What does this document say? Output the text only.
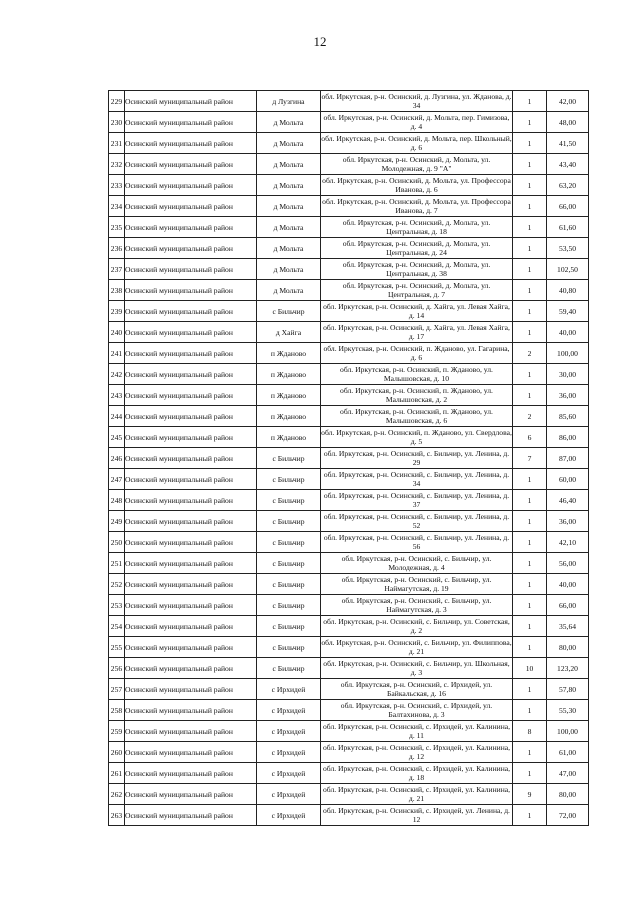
12
229	Осинский муниципальный район	д Лузгина	обл. Иркутская, р-н. Осинский, д. Лузгина, ул. Жданова, д. 34	1	42,00
230	Осинский муниципальный район	д Мольта	обл. Иркутская, р-н. Осинский, д. Мольта, пер. Гимизова, д. 4	1	48,00
231	Осинский муниципальный район	д Мольта	обл. Иркутская, р-н. Осинский, д. Мольта, пер. Школьный, д. 6	1	41,50
232	Осинский муниципальный район	д Мольта	обл. Иркутская, р-н. Осинский, д. Мольта, ул. Молодежная, д. 9 "А"	1	43,40
233	Осинский муниципальный район	д Мольта	обл. Иркутская, р-н. Осинский, д. Мольта, ул. Профессора Иванова, д. 6	1	63,20
234	Осинский муниципальный район	д Мольта	обл. Иркутская, р-н. Осинский, д. Мольта, ул. Профессора Иванова, д. 7	1	66,00
235	Осинский муниципальный район	д Мольта	обл. Иркутская, р-н. Осинский, д. Мольта, ул. Центральная, д. 18	1	61,60
236	Осинский муниципальный район	д Мольта	обл. Иркутская, р-н. Осинский, д. Мольта, ул. Центральная, д. 24	1	53,50
237	Осинский муниципальный район	д Мольта	обл. Иркутская, р-н. Осинский, д. Мольта, ул. Центральная, д. 38	1	102,50
238	Осинский муниципальный район	д Мольта	обл. Иркутская, р-н. Осинский, д. Мольта, ул. Центральная, д. 7	1	40,80
239	Осинский муниципальный район	с Бильчир	обл. Иркутская, р-н. Осинский, д. Хайга, ул. Левая Хайга, д. 14	1	59,40
240	Осинский муниципальный район	д Хайга	обл. Иркутская, р-н. Осинский, д. Хайга, ул. Левая Хайга, д. 17	1	40,00
241	Осинский муниципальный район	п Жданово	обл. Иркутская, р-н. Осинский, п. Жданово, ул. Гагарина, д. 6	2	100,00
242	Осинский муниципальный район	п Жданово	обл. Иркутская, р-н. Осинский, п. Жданово, ул. Малышовская, д. 10	1	30,00
243	Осинский муниципальный район	п Жданово	обл. Иркутская, р-н. Осинский, п. Жданово, ул. Малышовская, д. 2	1	36,00
244	Осинский муниципальный район	п Жданово	обл. Иркутская, р-н. Осинский, п. Жданово, ул. Малышовская, д. 6	2	85,60
245	Осинский муниципальный район	п Жданово	обл. Иркутская, р-н. Осинский, п. Жданово, ул. Свердлова, д. 5	6	86,00
246	Осинский муниципальный район	с Бильчир	обл. Иркутская, р-н. Осинский, с. Бильчир, ул. Ленина, д. 29	7	87,00
247	Осинский муниципальный район	с Бильчир	обл. Иркутская, р-н. Осинский, с. Бильчир, ул. Ленина, д. 34	1	60,00
248	Осинский муниципальный район	с Бильчир	обл. Иркутская, р-н. Осинский, с. Бильчир, ул. Ленина, д. 37	1	46,40
249	Осинский муниципальный район	с Бильчир	обл. Иркутская, р-н. Осинский, с. Бильчир, ул. Ленина, д. 52	1	36,00
250	Осинский муниципальный район	с Бильчир	обл. Иркутская, р-н. Осинский, с. Бильчир, ул. Ленина, д. 56	1	42,10
251	Осинский муниципальный район	с Бильчир	обл. Иркутская, р-н. Осинский, с. Бильчир, ул. Молодежная, д. 4	1	56,00
252	Осинский муниципальный район	с Бильчир	обл. Иркутская, р-н. Осинский, с. Бильчир, ул. Наймагутская, д. 19	1	40,00
253	Осинский муниципальный район	с Бильчир	обл. Иркутская, р-н. Осинский, с. Бильчир, ул. Наймагутская, д. 3	1	66,00
254	Осинский муниципальный район	с Бильчир	обл. Иркутская, р-н. Осинский, с. Бильчир, ул. Советская, д. 2	1	35,64
255	Осинский муниципальный район	с Бильчир	обл. Иркутская, р-н. Осинский, с. Бильчир, ул. Филиппова, д. 21	1	80,00
256	Осинский муниципальный район	с Бильчир	обл. Иркутская, р-н. Осинский, с. Бильчир, ул. Школьная, д. 3	10	123,20
257	Осинский муниципальный район	с Ирхидей	обл. Иркутская, р-н. Осинский, с. Ирхидей, ул. Байкальская, д. 16	1	57,80
258	Осинский муниципальный район	с Ирхидей	обл. Иркутская, р-н. Осинский, с. Ирхидей, ул. Балтахинова, д. 3	1	55,30
259	Осинский муниципальный район	с Ирхидей	обл. Иркутская, р-н. Осинский, с. Ирхидей, ул. Калинина, д. 11	8	100,00
260	Осинский муниципальный район	с Ирхидей	обл. Иркутская, р-н. Осинский, с. Ирхидей, ул. Калинина, д. 12	1	61,00
261	Осинский муниципальный район	с Ирхидей	обл. Иркутская, р-н. Осинский, с. Ирхидей, ул. Калинина, д. 18	1	47,00
262	Осинский муниципальный район	с Ирхидей	обл. Иркутская, р-н. Осинский, с. Ирхидей, ул. Калинина, д. 21	9	80,00
263	Осинский муниципальный район	с Ирхидей	обл. Иркутская, р-н. Осинский, с. Ирхидей, ул. Ленина, д. 12	1	72,00
